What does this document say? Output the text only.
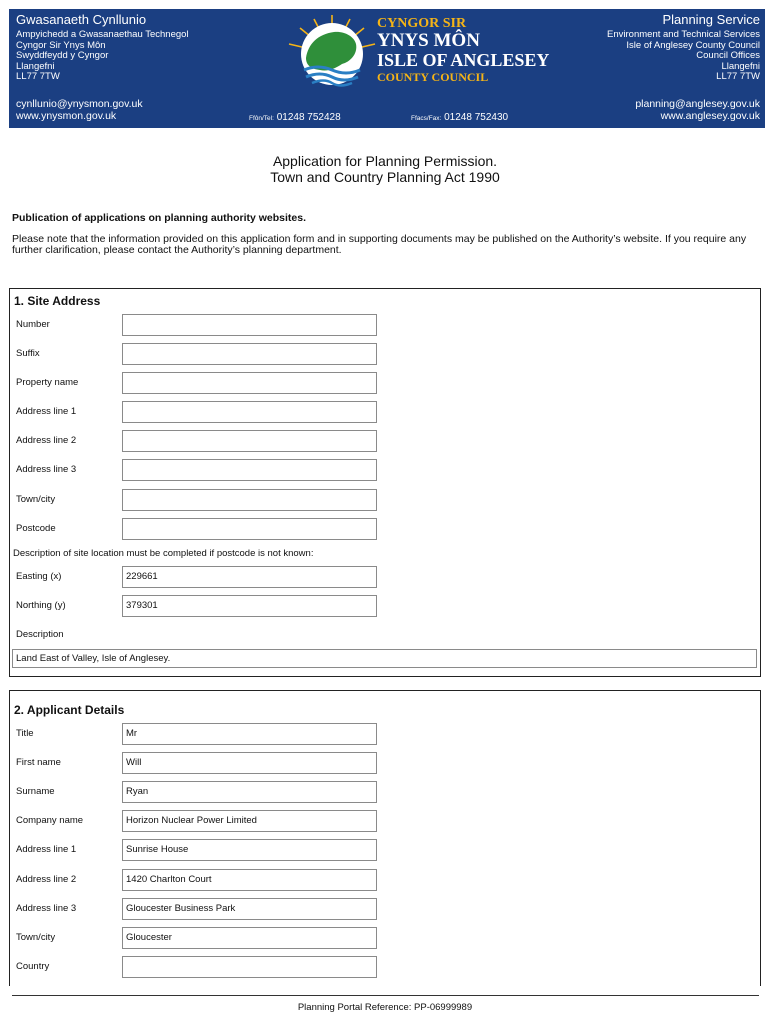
Gwasanaeth Cynllunio	Planning Service
Ampyichedd a Gwasanaethau Technegol
Cyngor Sir Ynys Môn
Swyddfeydd y Cyngor
Llangefni
LL77 7TW
Environment and Technical Services
Isle of Anglesey County Council
Council Offices
Llangefni
LL77 7TW
cynllunio@ynysmon.gov.uk
www.ynysmon.gov.uk
planning@anglesey.gov.uk
www.anglesey.gov.uk
Ffôn/Tel: 01248 752428	Ffacs/Fax: 01248 752430
CYNGOR SIR
YNYS MÔN
ISLE OF ANGLESEY
COUNTY COUNCIL
Application for Planning Permission.
Town and Country Planning Act 1990
Publication of applications on planning authority websites.
Please note that the information provided on this application form and in supporting documents may be published on the Authority’s website. If you require any further clarification, please contact the Authority’s planning department.
1. Site Address
Number
Suffix
Property name
Address line 1
Address line 2
Address line 3
Town/city
Postcode
Description of site location must be completed if postcode is not known:
Easting (x)	229661
Northing (y)	379301
Description
Land East of Valley, Isle of Anglesey.
2. Applicant Details
Title	Mr
First name	Will
Surname	Ryan
Company name	Horizon Nuclear Power Limited
Address line 1	Sunrise House
Address line 2	1420 Charlton Court
Address line 3	Gloucester Business Park
Town/city	Gloucester
Country
Planning Portal Reference: PP-06999989
